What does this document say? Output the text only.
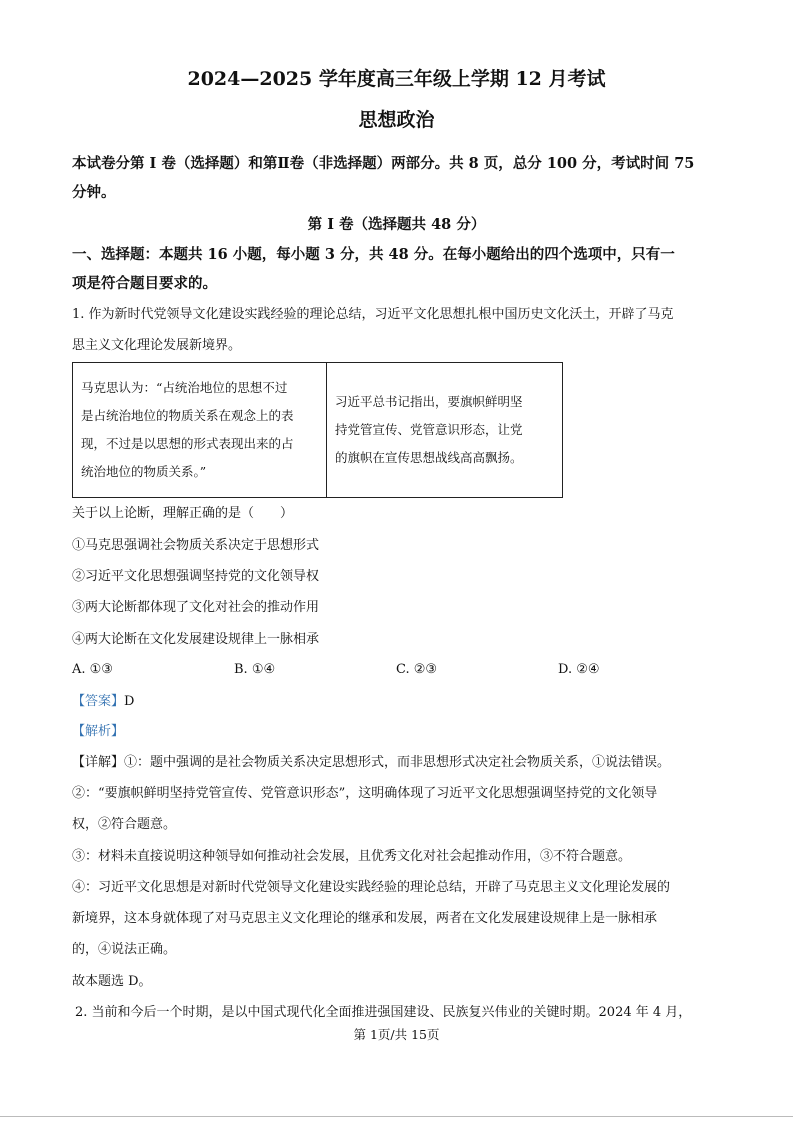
2024—2025 学年度高三年级上学期 12 月考试
思想政治
本试卷分第 I 卷（选择题）和第Ⅱ卷（非选择题）两部分。共 8 页，总分 100 分，考试时间 75
分钟。
第 I 卷（选择题共 48 分）
一、选择题：本题共 16 小题，每小题 3 分，共 48 分。在每小题给出的四个选项中，只有一
项是符合题目要求的。
1. 作为新时代党领导文化建设实践经验的理论总结，习近平文化思想扎根中国历史文化沃土，开辟了马克
思主义文化理论发展新境界。
马克思认为：“占统治地位的思想不过
是占统治地位的物质关系在观念上的表
现，不过是以思想的形式表现出来的占
统治地位的物质关系。”

习近平总书记指出，要旗帜鲜明坚
持党管宣传、党管意识形态，让党
的旗帜在宣传思想战线高高飘扬。
关于以上论断，理解正确的是（　　）
①马克思强调社会物质关系决定于思想形式
②习近平文化思想强调坚持党的文化领导权
③两大论断都体现了文化对社会的推动作用
④两大论断在文化发展建设规律上一脉相承
A. ①③	B. ①④	C. ②③	D. ②④
【答案】D
【解析】
【详解】①：题中强调的是社会物质关系决定思想形式，而非思想形式决定社会物质关系，①说法错误。
②：“要旗帜鲜明坚持党管宣传、党管意识形态”，这明确体现了习近平文化思想强调坚持党的文化领导
权，②符合题意。
③：材料未直接说明这种领导如何推动社会发展，且优秀文化对社会起推动作用，③不符合题意。
④：习近平文化思想是对新时代党领导文化建设实践经验的理论总结，开辟了马克思主义文化理论发展的
新境界，这本身就体现了对马克思主义文化理论的继承和发展，两者在文化发展建设规律上是一脉相承
的，④说法正确。
故本题选 D。
2. 当前和今后一个时期，是以中国式现代化全面推进强国建设、民族复兴伟业的关键时期。2024 年 4 月，
第 1页/共 15页
